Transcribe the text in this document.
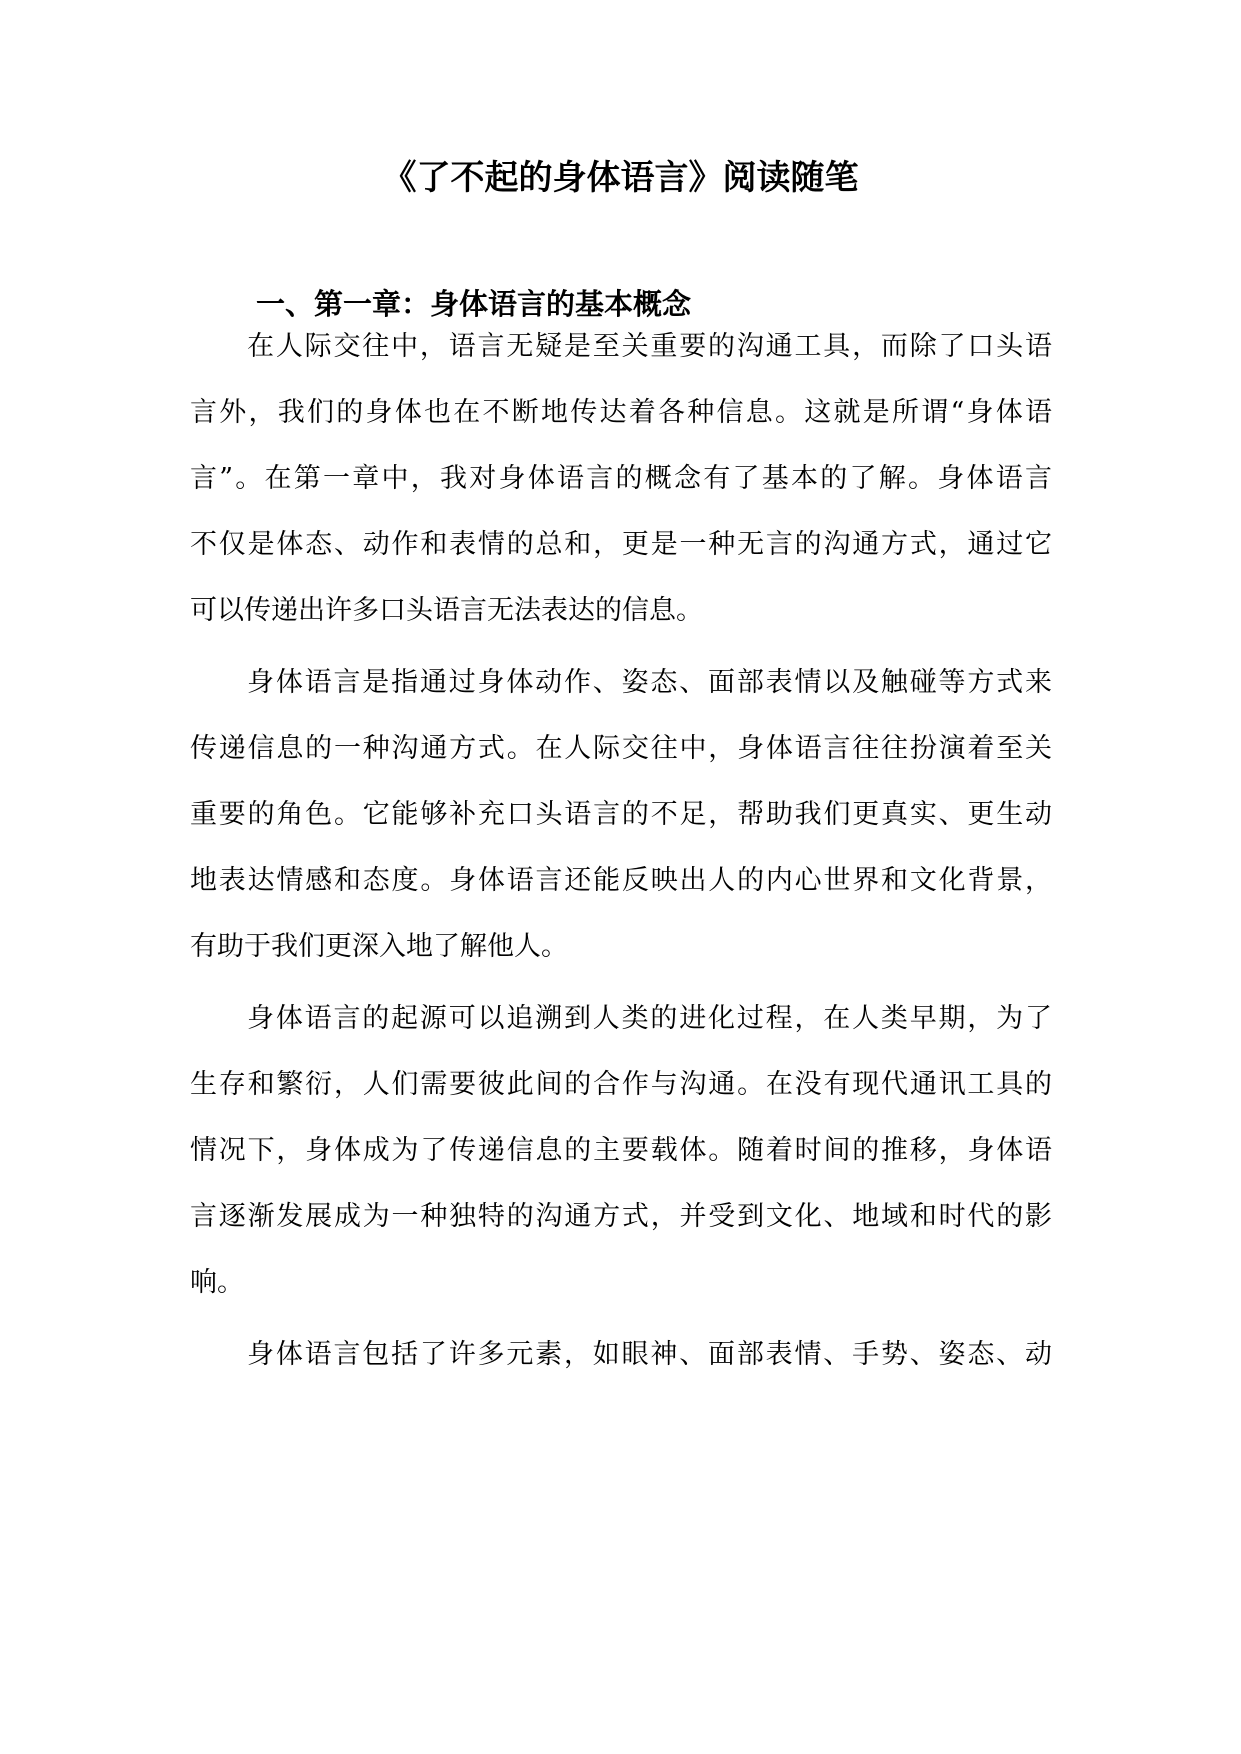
《了不起的身体语言》阅读随笔
一、第一章：身体语言的基本概念
在人际交往中，语言无疑是至关重要的沟通工具，而除了口头语
言外，我们的身体也在不断地传达着各种信息。这就是所谓“身体语
言”。在第一章中，我对身体语言的概念有了基本的了解。身体语言
不仅是体态、动作和表情的总和，更是一种无言的沟通方式，通过它
可以传递出许多口头语言无法表达的信息。
身体语言是指通过身体动作、姿态、面部表情以及触碰等方式来
传递信息的一种沟通方式。在人际交往中，身体语言往往扮演着至关
重要的角色。它能够补充口头语言的不足，帮助我们更真实、更生动
地表达情感和态度。身体语言还能反映出人的内心世界和文化背景，
有助于我们更深入地了解他人。
身体语言的起源可以追溯到人类的进化过程，在人类早期，为了
生存和繁衍，人们需要彼此间的合作与沟通。在没有现代通讯工具的
情况下，身体成为了传递信息的主要载体。随着时间的推移，身体语
言逐渐发展成为一种独特的沟通方式，并受到文化、地域和时代的影
响。
身体语言包括了许多元素，如眼神、面部表情、手势、姿态、动
